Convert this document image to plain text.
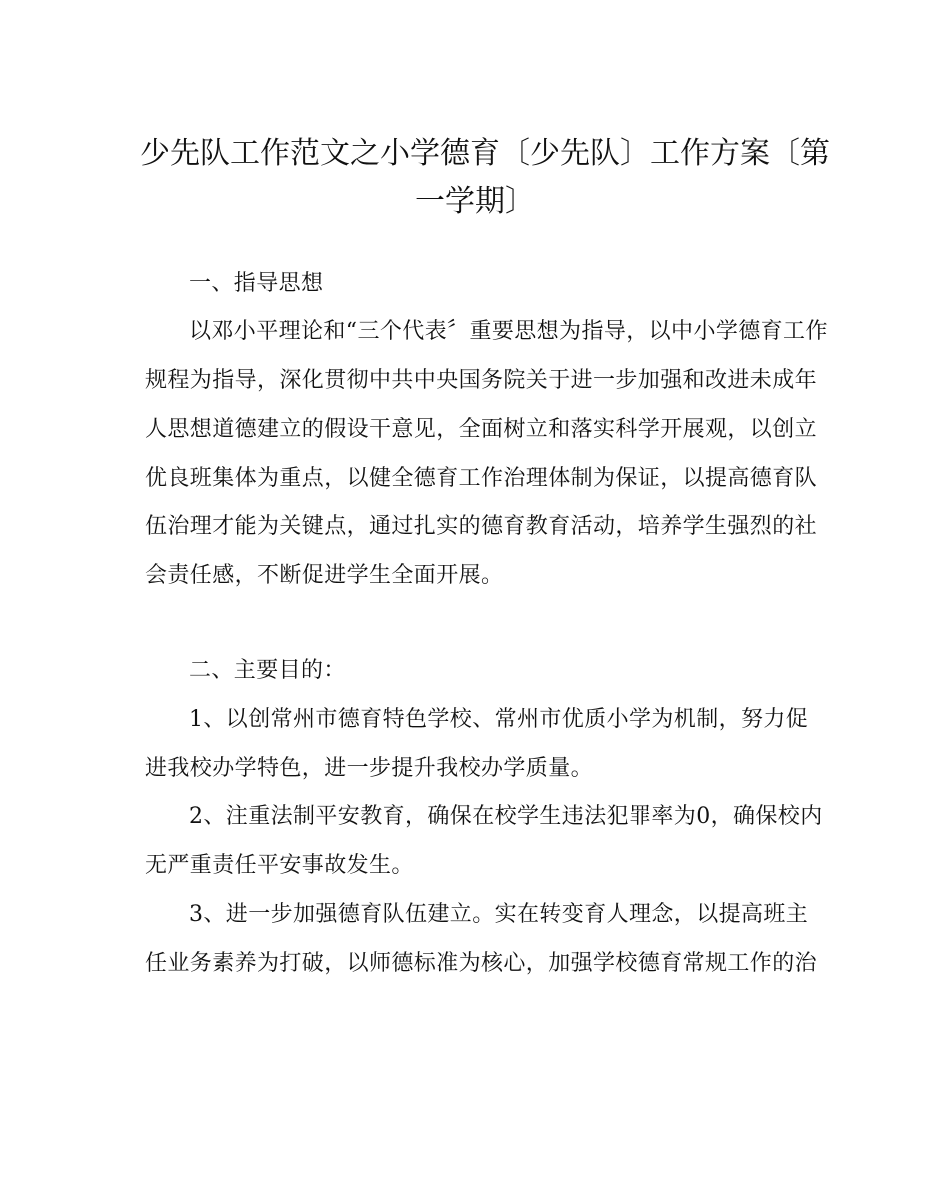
少先队工作范文之小学德育〔少先队〕工作方案〔第
一学期〕

一、指导思想

以邓小平理论和“三个代表〞重要思想为指导，以中小学德育工作

规程为指导，深化贯彻中共中央国务院关于进一步加强和改进未成年

人思想道德建立的假设干意见，全面树立和落实科学开展观，以创立

优良班集体为重点，以健全德育工作治理体制为保证，以提高德育队

伍治理才能为关键点，通过扎实的德育教育活动，培养学生强烈的社

会责任感，不断促进学生全面开展。

二、主要目的：

1、以创常州市德育特色学校、常州市优质小学为机制，努力促

进我校办学特色，进一步提升我校办学质量。

2、注重法制平安教育，确保在校学生违法犯罪率为0，确保校内

无严重责任平安事故发生。

3、进一步加强德育队伍建立。实在转变育人理念，以提高班主

任业务素养为打破，以师德标准为核心，加强学校德育常规工作的治
